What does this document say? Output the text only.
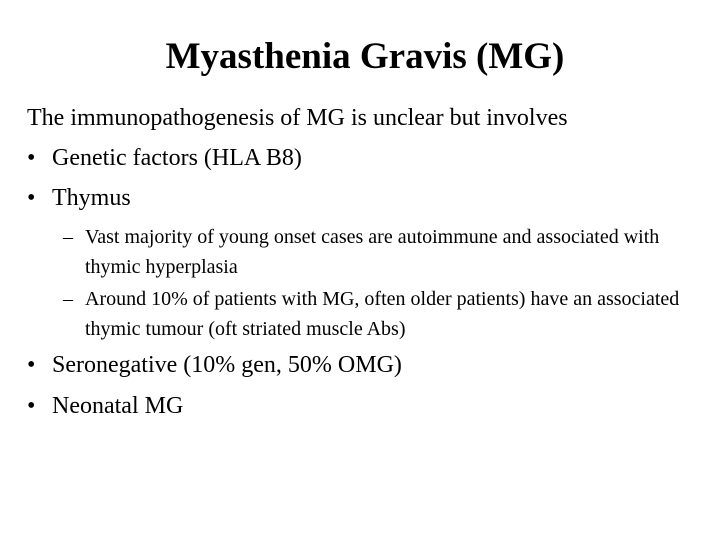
Myasthenia Gravis (MG)
The immunopathogenesis of MG is unclear but involves
• Genetic factors (HLA B8)
• Thymus
– Vast majority of young onset cases are autoimmune and associated with thymic hyperplasia
– Around 10% of patients with MG, often older patients) have an associated thymic tumour (oft striated muscle Abs)
• Seronegative (10% gen, 50% OMG)
• Neonatal MG
